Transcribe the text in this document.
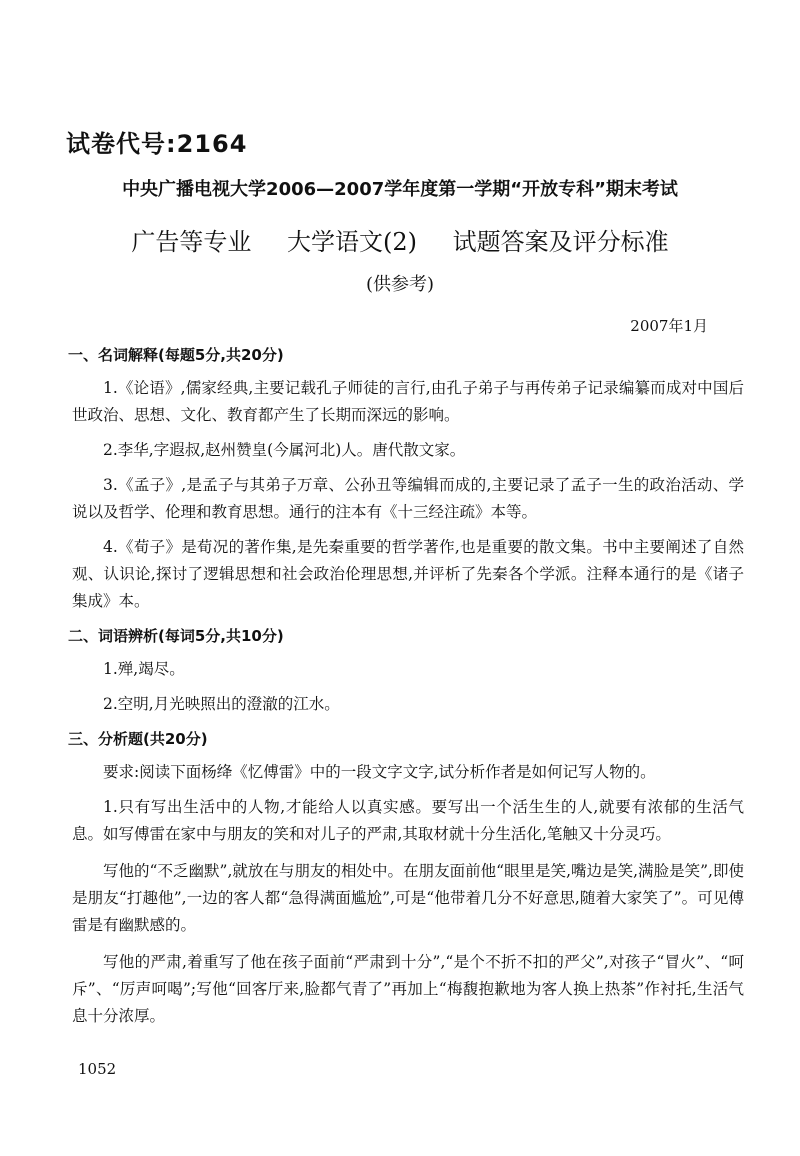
试卷代号:2164
中央广播电视大学2006—2007学年度第一学期“开放专科”期末考试
广告等专业 大学语文(2) 试题答案及评分标准
(供参考)
2007年1月
一、名词解释(每题5分,共20分)
1.《论语》,儒家经典,主要记载孔子师徒的言行,由孔子弟子与再传弟子记录编纂而成对中国后世政治、思想、文化、教育都产生了长期而深远的影响。
2.李华,字遐叔,赵州赞皇(今属河北)人。唐代散文家。
3.《孟子》,是孟子与其弟子万章、公孙丑等编辑而成的,主要记录了孟子一生的政治活动、学说以及哲学、伦理和教育思想。通行的注本有《十三经注疏》本等。
4.《荀子》是荀况的著作集,是先秦重要的哲学著作,也是重要的散文集。书中主要阐述了自然观、认识论,探讨了逻辑思想和社会政治伦理思想,并评析了先秦各个学派。注释本通行的是《诸子集成》本。
二、词语辨析(每词5分,共10分)
1.殚,竭尽。
2.空明,月光映照出的澄澈的江水。
三、分析题(共20分)
要求:阅读下面杨绛《忆傅雷》中的一段文字文字,试分析作者是如何记写人物的。
1.只有写出生活中的人物,才能给人以真实感。要写出一个活生生的人,就要有浓郁的生活气息。如写傅雷在家中与朋友的笑和对儿子的严肃,其取材就十分生活化,笔触又十分灵巧。
写他的“不乏幽默”,就放在与朋友的相处中。在朋友面前他“眼里是笑,嘴边是笑,满脸是笑”,即使是朋友“打趣他”,一边的客人都“急得满面尴尬”,可是“他带着几分不好意思,随着大家笑了”。可见傅雷是有幽默感的。
写他的严肃,着重写了他在孩子面前“严肃到十分”,“是个不折不扣的严父”,对孩子“冒火”、“呵斥”、“厉声呵喝”;写他“回客厅来,脸都气青了”再加上“梅馥抱歉地为客人换上热茶”作衬托,生活气息十分浓厚。
1052
